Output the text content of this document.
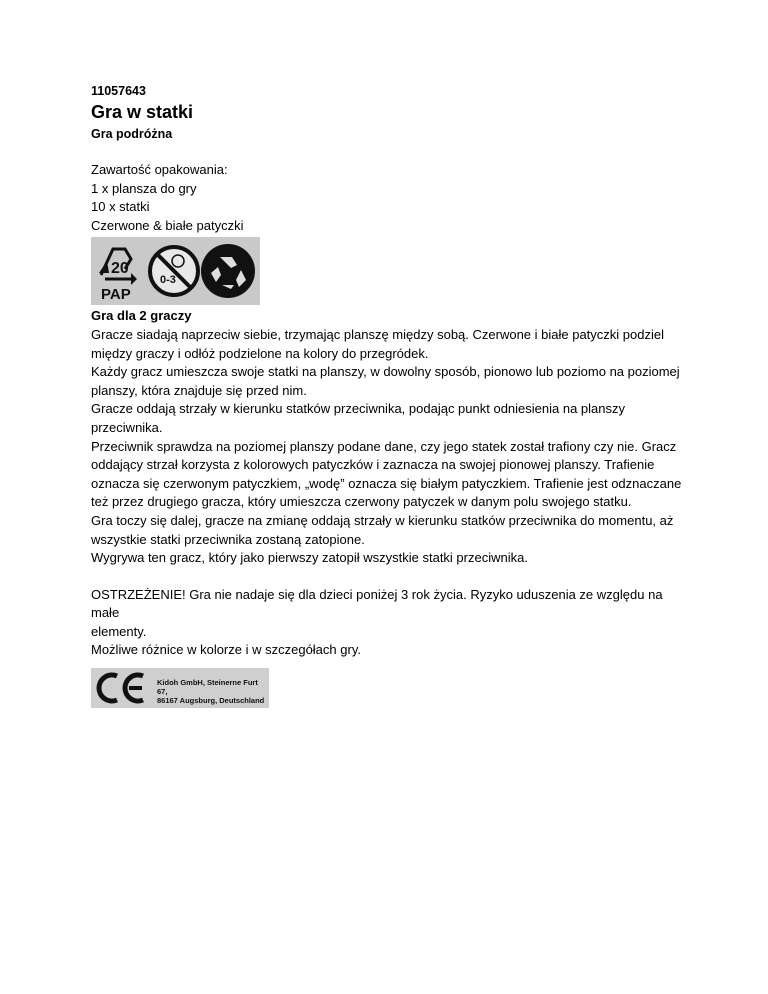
11057643

Gra w statki

Gra podróżna

Zawartość opakowania:

1 x plansza do gry

10 x statki

Czerwone & białe patyczki

20
PAP
0-3

Gra dla 2 graczy

Gracze siadają naprzeciw siebie, trzymając planszę między sobą. Czerwone i białe patyczki podziel

między graczy i odłóż podzielone na kolory do przegródek.

Każdy gracz umieszcza swoje statki na planszy, w dowolny sposób, pionowo lub poziomo na poziomej

planszy, która znajduje się przed nim.

Gracze oddają strzały w kierunku statków przeciwnika, podając punkt odniesienia na planszy

przeciwnika.

Przeciwnik sprawdza na poziomej planszy podane dane, czy jego statek został trafiony czy nie. Gracz

oddający strzał korzysta z kolorowych patyczków i zaznacza na swojej pionowej planszy. Trafienie

oznacza się czerwonym patyczkiem, „wodę” oznacza się białym patyczkiem. Trafienie jest odznaczane

też przez drugiego gracza, który umieszcza czerwony patyczek w danym polu swojego statku.

Gra toczy się dalej, gracze na zmianę oddają strzały w kierunku statków przeciwnika do momentu, aż

wszystkie statki przeciwnika zostaną zatopione.

Wygrywa ten gracz, który jako pierwszy zatopił wszystkie statki przeciwnika.

OSTRZEŻENIE! Gra nie nadaje się dla dzieci poniżej 3 rok życia. Ryzyko uduszenia ze względu na małe

elementy.

Możliwe różnice w kolorze i w szczegółach gry.

Kidoh GmbH, Steinerne Furt 67,
86167 Augsburg, Deutschland
